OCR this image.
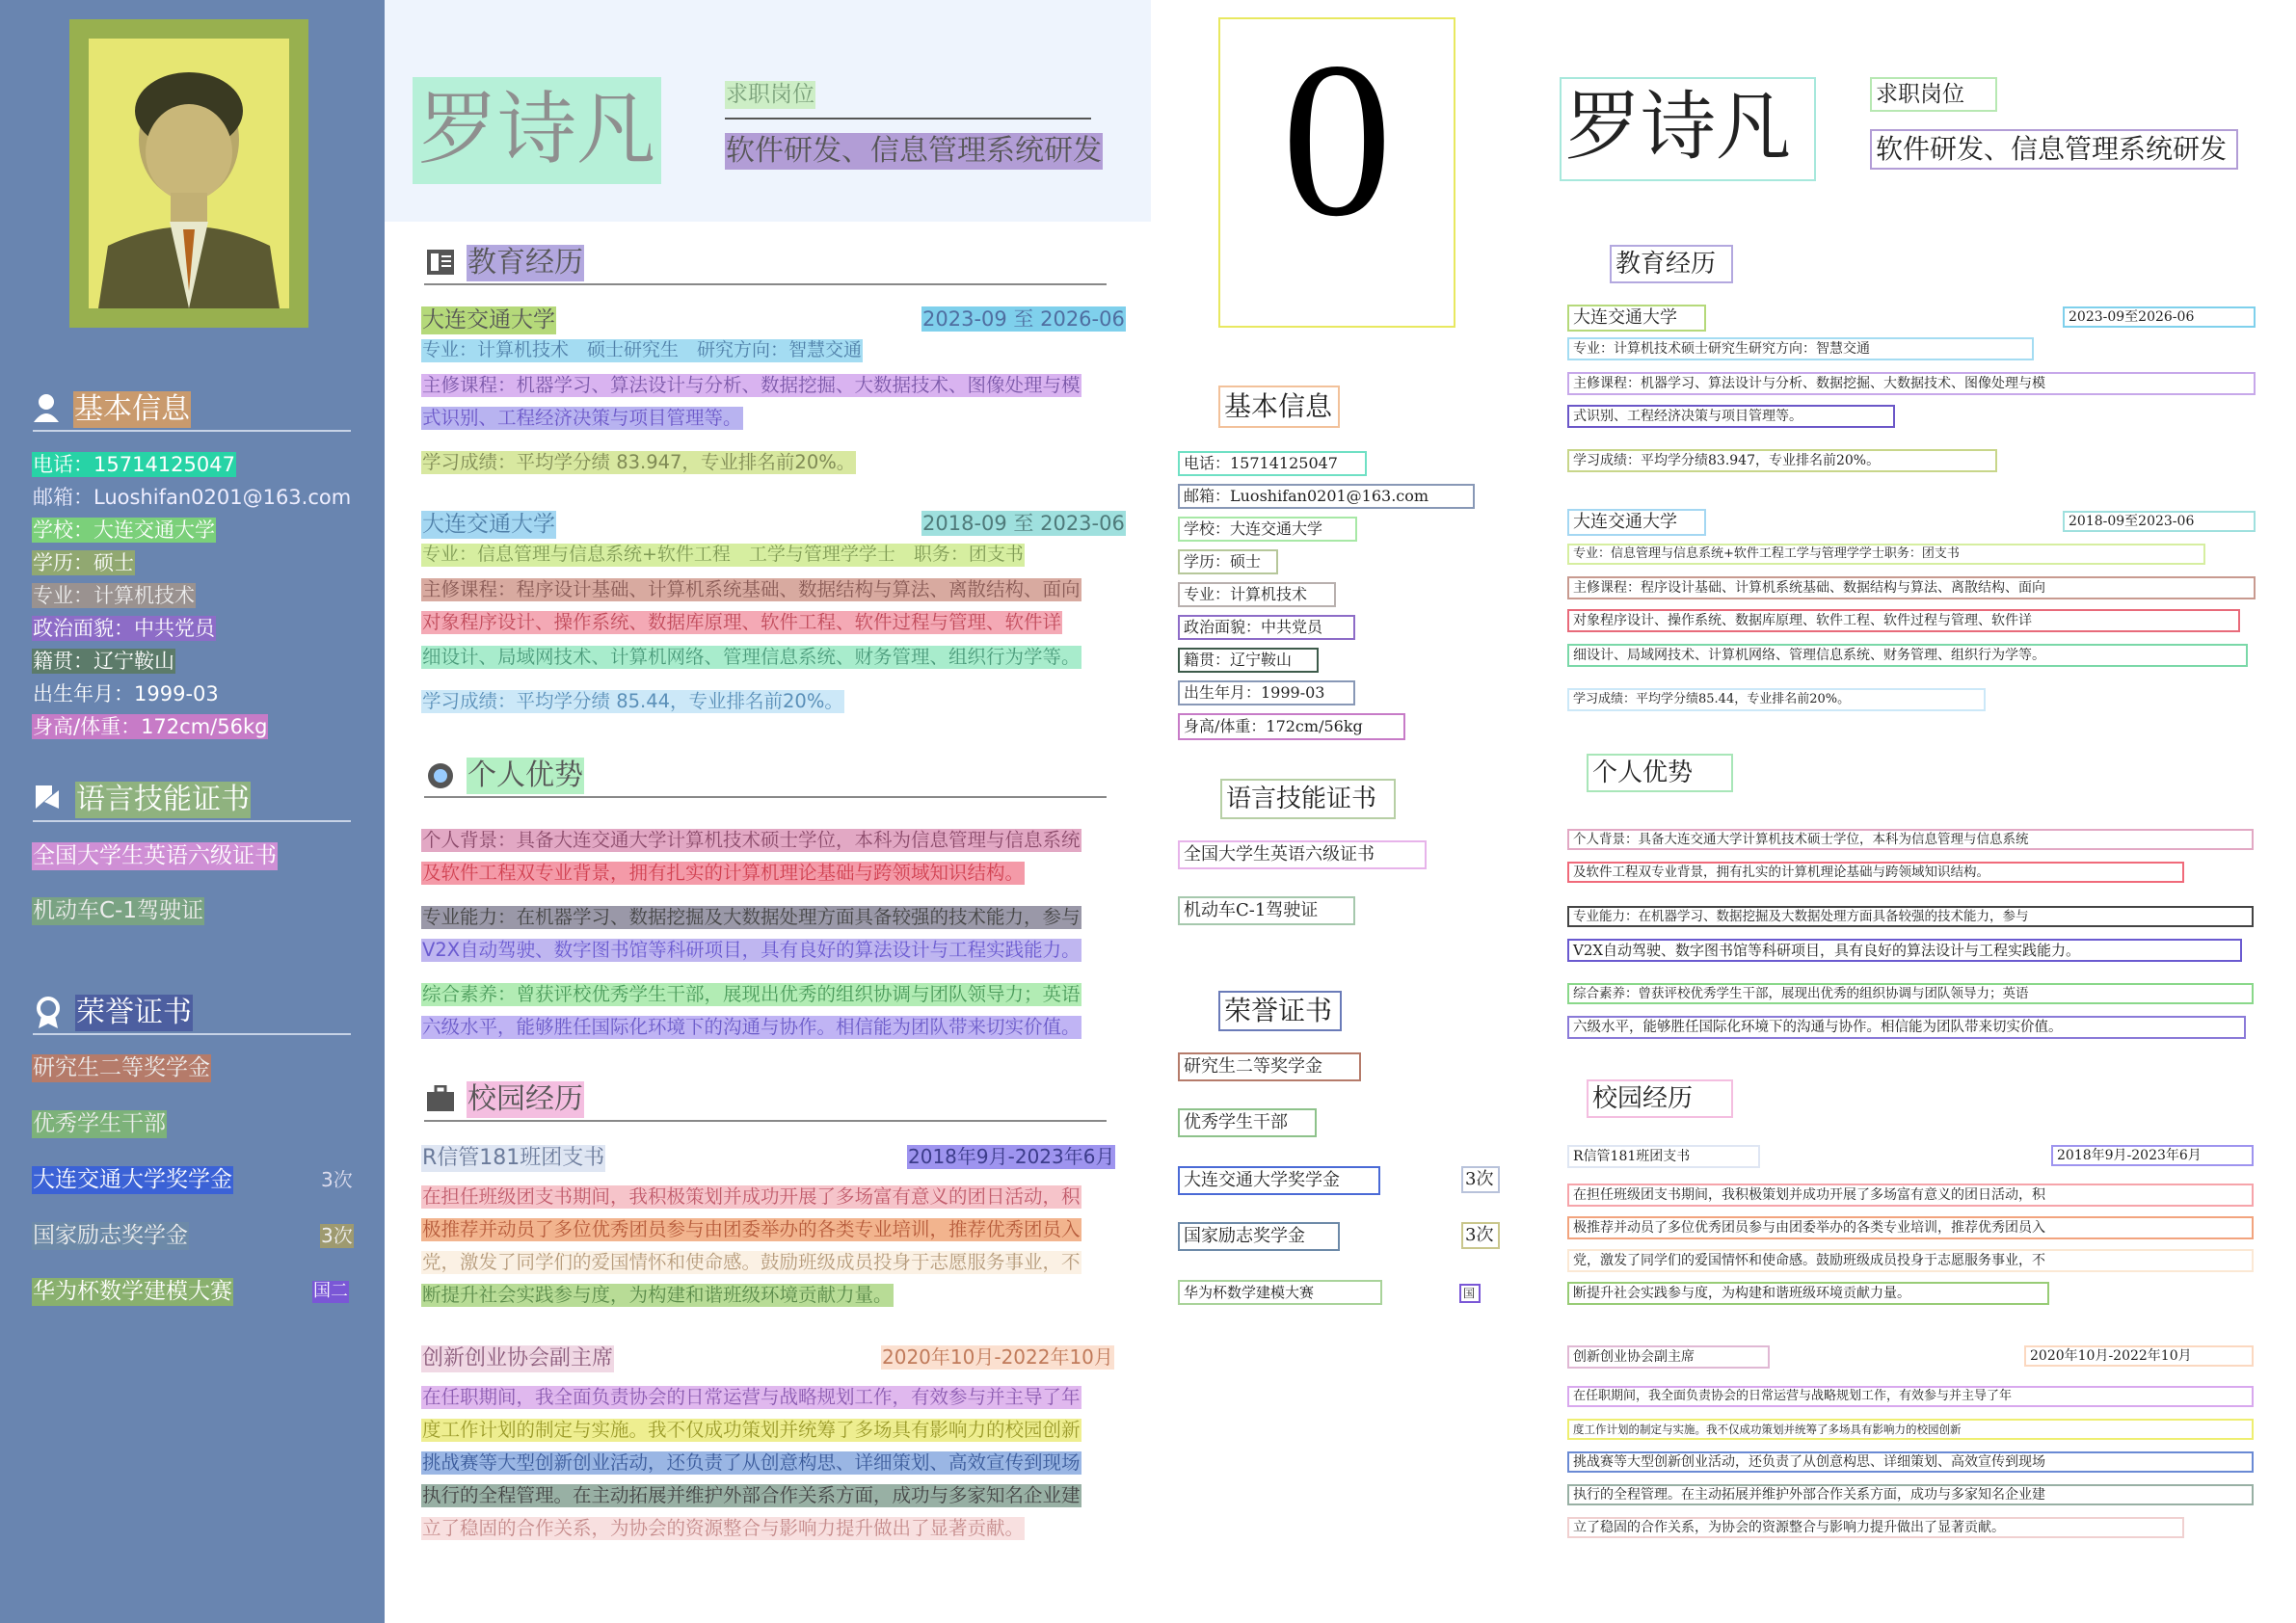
基本信息
电话：15714125047
邮箱：Luoshifan0201@163.com
学校：大连交通大学
学历：硕士
专业：计算机技术
政治面貌：中共党员
籍贯：辽宁鞍山
出生年月：1999-03
身高/体重：172cm/56kg
语言技能证书
全国大学生英语六级证书
机动车C-1驾驶证
荣誉证书
研究生二等奖学金
优秀学生干部
大连交通大学奖学金	3次
国家励志奖学金	3次
华为杯数学建模大赛	国二
罗诗凡	求职岗位
软件研发、信息管理系统研发
教育经历
大连交通大学	2023-09 至 2026-06
专业：计算机技术　硕士研究生　研究方向：智慧交通
主修课程：机器学习、算法设计与分析、数据挖掘、大数据技术、图像处理与模
式识别、工程经济决策与项目管理等。
学习成绩：平均学分绩 83.947，专业排名前20%。
大连交通大学	2018-09 至 2023-06
专业：信息管理与信息系统+软件工程　工学与管理学学士　职务：团支书
主修课程：程序设计基础、计算机系统基础、数据结构与算法、离散结构、面向
对象程序设计、操作系统、数据库原理、软件工程、软件过程与管理、软件详
细设计、局域网技术、计算机网络、管理信息系统、财务管理、组织行为学等。
学习成绩：平均学分绩 85.44，专业排名前20%。
个人优势
个人背景：具备大连交通大学计算机技术硕士学位，本科为信息管理与信息系统
及软件工程双专业背景，拥有扎实的计算机理论基础与跨领域知识结构。
专业能力：在机器学习、数据挖掘及大数据处理方面具备较强的技术能力，参与
V2X自动驾驶、数字图书馆等科研项目，具有良好的算法设计与工程实践能力。
综合素养：曾获评校优秀学生干部，展现出优秀的组织协调与团队领导力；英语
六级水平，能够胜任国际化环境下的沟通与协作。相信能为团队带来切实价值。
校园经历
R信管181班团支书	2018年9月-2023年6月
在担任班级团支书期间，我积极策划并成功开展了多场富有意义的团日活动，积
极推荐并动员了多位优秀团员参与由团委举办的各类专业培训，推荐优秀团员入
党，激发了同学们的爱国情怀和使命感。鼓励班级成员投身于志愿服务事业，不
断提升社会实践参与度，为构建和谐班级环境贡献力量。
创新创业协会副主席	2020年10月-2022年10月
在任职期间，我全面负责协会的日常运营与战略规划工作，有效参与并主导了年
度工作计划的制定与实施。我不仅成功策划并统筹了多场具有影响力的校园创新
挑战赛等大型创新创业活动，还负责了从创意构思、详细策划、高效宣传到现场
执行的全程管理。在主动拓展并维护外部合作关系方面，成功与多家知名企业建
立了稳固的合作关系，为协会的资源整合与影响力提升做出了显著贡献。
0	罗诗凡	求职岗位
软件研发、信息管理系统研发
基本信息
电话：15714125047
邮箱：Luoshifan0201@163.com
学校：大连交通大学
学历：硕士
专业：计算机技术
政治面貌：中共党员
籍贯：辽宁鞍山
出生年月：1999-03
身高/体重：172cm/56kg
语言技能证书
全国大学生英语六级证书
机动车C-1驾驶证
荣誉证书
研究生二等奖学金
优秀学生干部
大连交通大学奖学金	3次
国家励志奖学金	3次
华为杯数学建模大赛	国
教育经历
大连交通大学	2023-09至2026-06
专业：计算机技术硕士研究生研究方向：智慧交通
主修课程：机器学习、算法设计与分析、数据挖掘、大数据技术、图像处理与模
式识别、工程经济决策与项目管理等。
学习成绩：平均学分绩83.947，专业排名前20%。
大连交通大学	2018-09至2023-06
专业：信息管理与信息系统+软件工程工学与管理学学士职务：团支书
主修课程：程序设计基础、计算机系统基础、数据结构与算法、离散结构、面向
对象程序设计、操作系统、数据库原理、软件工程、软件过程与管理、软件详
细设计、局域网技术、计算机网络、管理信息系统、财务管理、组织行为学等。
学习成绩：平均学分绩85.44，专业排名前20%。
个人优势
个人背景：具备大连交通大学计算机技术硕士学位，本科为信息管理与信息系统
及软件工程双专业背景，拥有扎实的计算机理论基础与跨领域知识结构。
专业能力：在机器学习、数据挖掘及大数据处理方面具备较强的技术能力，参与
V2X自动驾驶、数字图书馆等科研项目，具有良好的算法设计与工程实践能力。
综合素养：曾获评校优秀学生干部，展现出优秀的组织协调与团队领导力；英语
六级水平，能够胜任国际化环境下的沟通与协作。相信能为团队带来切实价值。
校园经历
R信管181班团支书	2018年9月-2023年6月
在担任班级团支书期间，我积极策划并成功开展了多场富有意义的团日活动，积
极推荐并动员了多位优秀团员参与由团委举办的各类专业培训，推荐优秀团员入
党，激发了同学们的爱国情怀和使命感。鼓励班级成员投身于志愿服务事业，不
断提升社会实践参与度，为构建和谐班级环境贡献力量。
创新创业协会副主席	2020年10月-2022年10月
在任职期间，我全面负责协会的日常运营与战略规划工作，有效参与并主导了年
度工作计划的制定与实施。我不仅成功策划并统筹了多场具有影响力的校园创新
挑战赛等大型创新创业活动，还负责了从创意构思、详细策划、高效宣传到现场
执行的全程管理。在主动拓展并维护外部合作关系方面，成功与多家知名企业建
立了稳固的合作关系，为协会的资源整合与影响力提升做出了显著贡献。
